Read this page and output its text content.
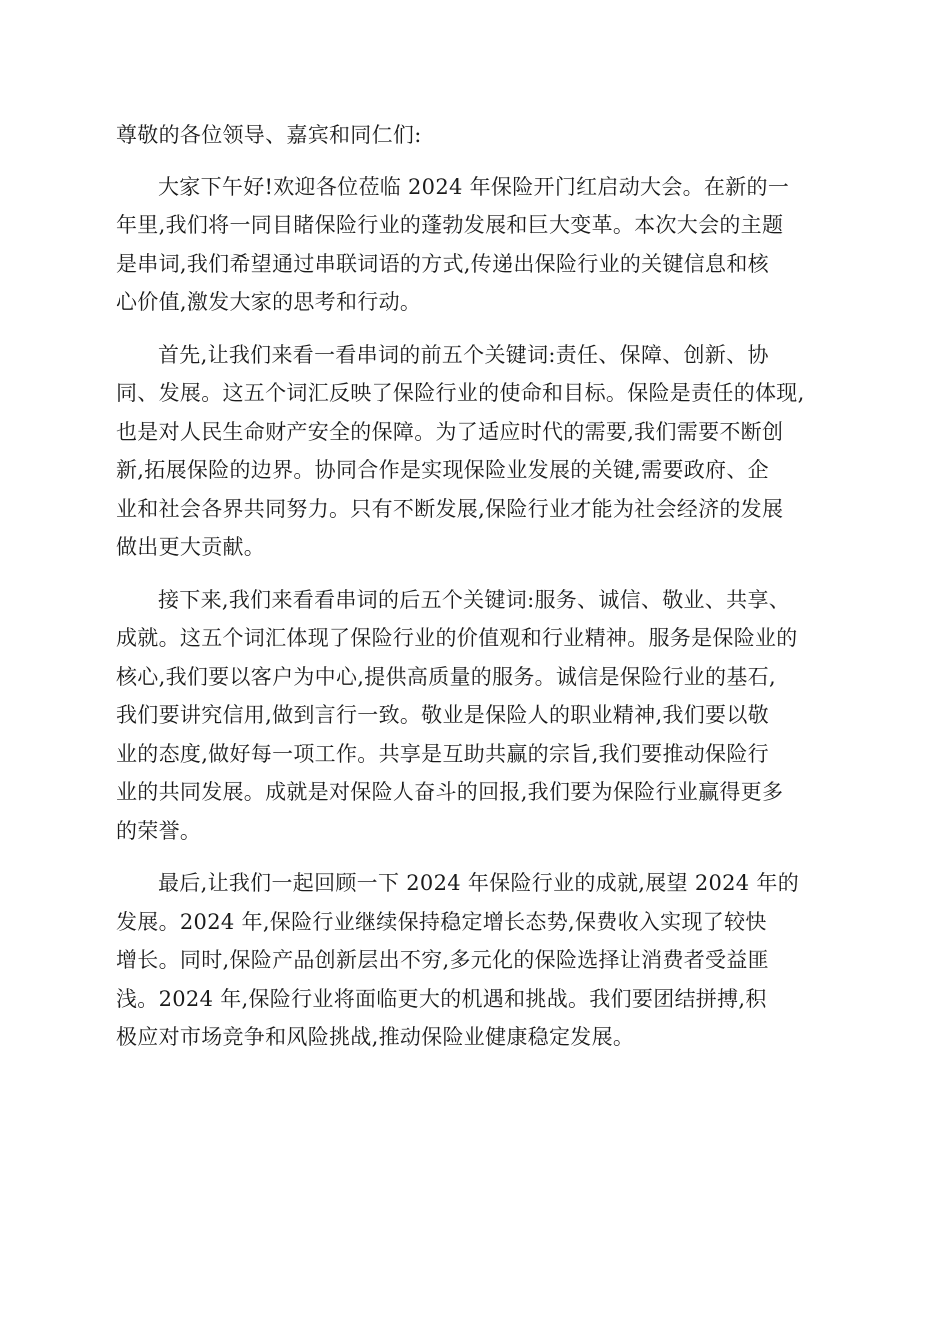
尊敬的各位领导、嘉宾和同仁们:
大家下午好!欢迎各位莅临 2024 年保险开门红启动大会。在新的一
年里,我们将一同目睹保险行业的蓬勃发展和巨大变革。本次大会的主题
是串词,我们希望通过串联词语的方式,传递出保险行业的关键信息和核
心价值,激发大家的思考和行动。
首先,让我们来看一看串词的前五个关键词:责任、保障、创新、协
同、发展。这五个词汇反映了保险行业的使命和目标。保险是责任的体现,
也是对人民生命财产安全的保障。为了适应时代的需要,我们需要不断创
新,拓展保险的边界。协同合作是实现保险业发展的关键,需要政府、企
业和社会各界共同努力。只有不断发展,保险行业才能为社会经济的发展
做出更大贡献。
接下来,我们来看看串词的后五个关键词:服务、诚信、敬业、共享、
成就。这五个词汇体现了保险行业的价值观和行业精神。服务是保险业的
核心,我们要以客户为中心,提供高质量的服务。诚信是保险行业的基石,
我们要讲究信用,做到言行一致。敬业是保险人的职业精神,我们要以敬
业的态度,做好每一项工作。共享是互助共赢的宗旨,我们要推动保险行
业的共同发展。成就是对保险人奋斗的回报,我们要为保险行业赢得更多
的荣誉。
最后,让我们一起回顾一下 2024 年保险行业的成就,展望 2024 年的
发展。2024 年,保险行业继续保持稳定增长态势,保费收入实现了较快
增长。同时,保险产品创新层出不穷,多元化的保险选择让消费者受益匪
浅。2024 年,保险行业将面临更大的机遇和挑战。我们要团结拼搏,积
极应对市场竞争和风险挑战,推动保险业健康稳定发展。
